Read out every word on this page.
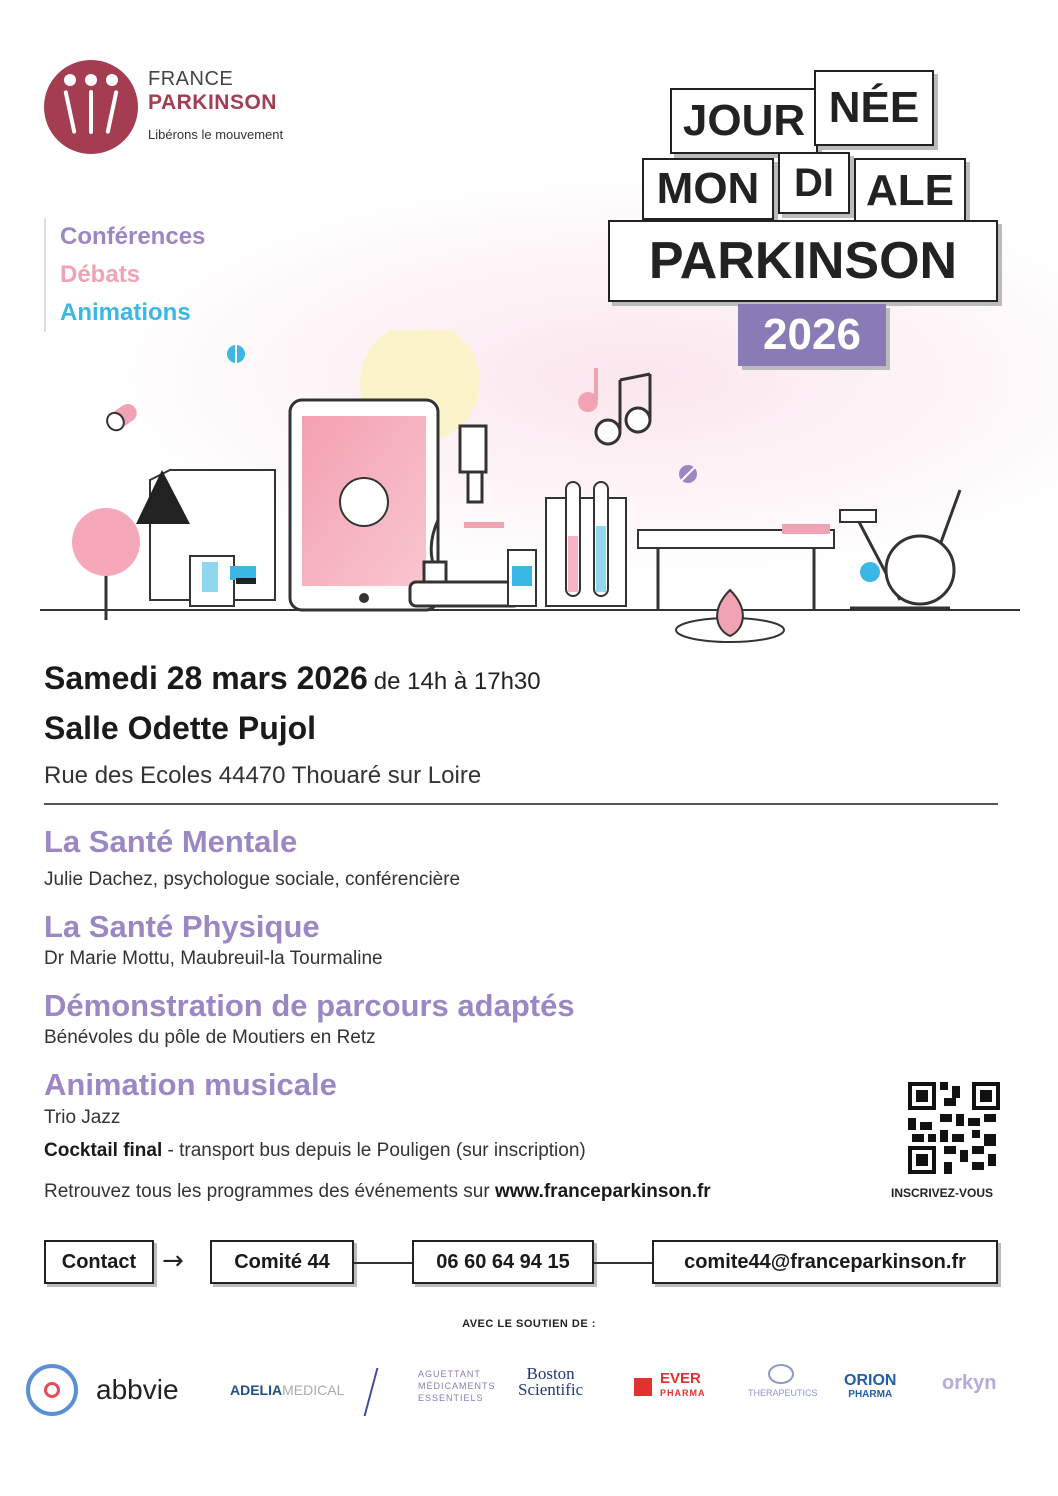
FRANCE
PARKINSON
Libérons le mouvement
Conférences
Débats
Animations
JOUR NÉE
MON DI ALE
PARKINSON
2026
Samedi 28 mars 2026 de 14h à 17h30
Salle Odette Pujol
Rue des Ecoles 44470 Thouaré sur Loire
La Santé Mentale
Julie Dachez, psychologue sociale, conférencière
La Santé Physique
Dr Marie Mottu, Maubreuil-la Tourmaline
Démonstration de parcours adaptés
Bénévoles du pôle de Moutiers en Retz
Animation musicale
Trio Jazz
Cocktail final - transport bus depuis le Pouligen (sur inscription)
Retrouvez tous les programmes des événements sur www.franceparkinson.fr	INSCRIVEZ-VOUS
Contact →	Comité 44	06 60 64 94 15	comite44@franceparkinson.fr
AVEC LE SOUTIEN DE :
abbvie	ADELIAMEDICAL
AGUETTANT
MÉDICAMENTS
ESSENTIELS
Boston
Scientific
EVER
PHARMA	THERAPEUTICS
ORION
PHARMA
orkyn
